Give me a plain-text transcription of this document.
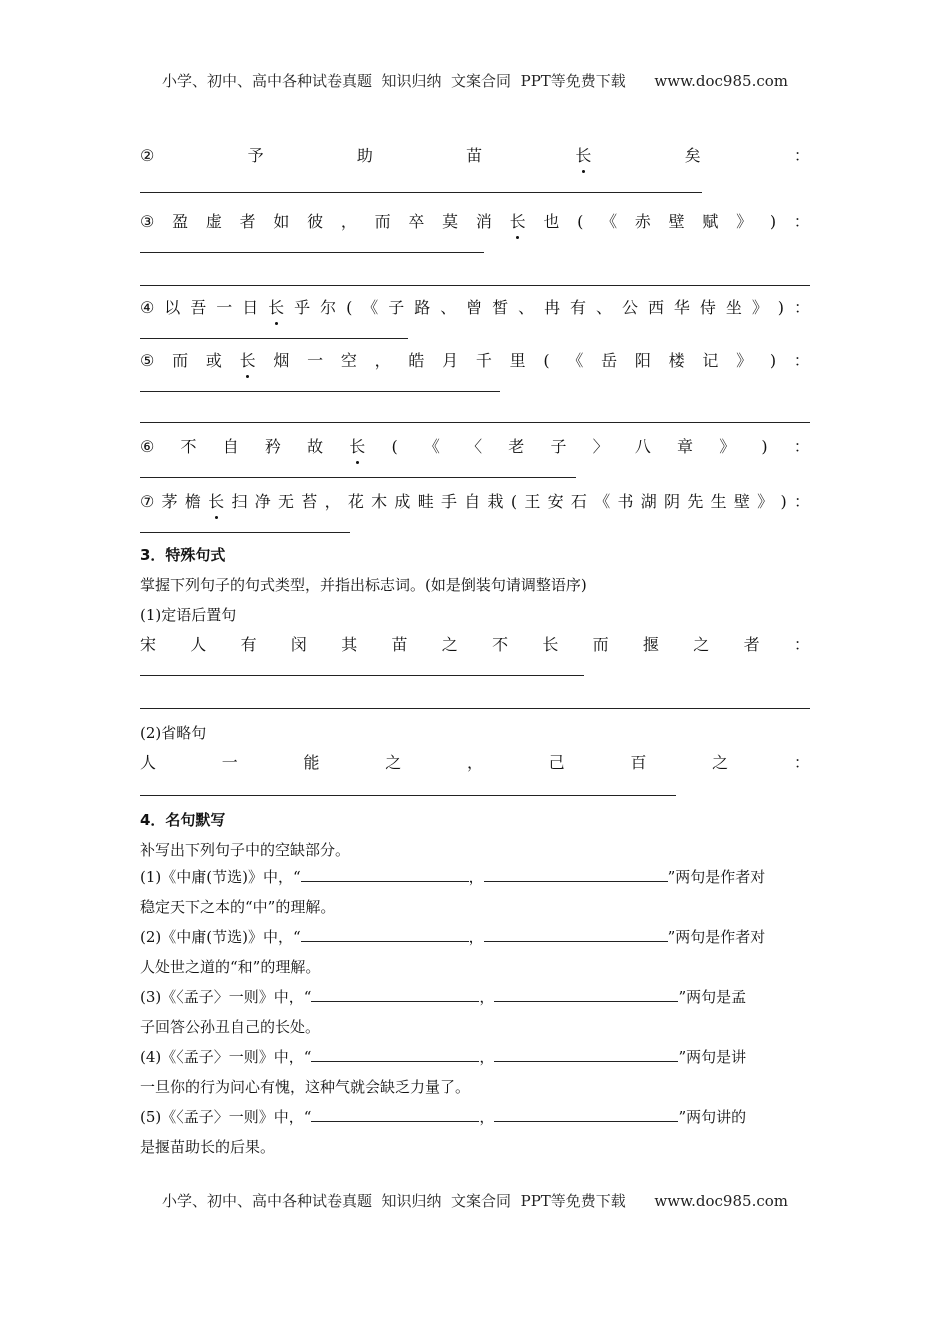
小学、初中、高中各种试卷真题  知识归纳  文案合同  PPT等免费下载      www.doc985.com
②	予	助	苗	长	矣	：
③ 盈 虚 者 如 彼 ， 而 卒 莫 消 长 也 ( 《 赤 壁 赋 》 ) ：
④ 以 吾 一 日 长 乎 尔 ( 《 子 路 、 曾 皙 、 冉 有 、 公 西 华 侍 坐 》 ) ：
⑤ 而 或 长 烟 一 空 ， 皓 月 千 里 ( 《 岳 阳 楼 记 》 ) ：
⑥ 不 自 矜 故 长 ( 《 〈 老 子 〉 八 章 》 ) ：
⑦ 茅 檐 长 扫 净 无 苔 ， 花 木 成 畦 手 自 栽 ( 王 安 石 《 书 湖 阴 先 生 壁 》 ) ：
3．特殊句式
掌握下列句子的句式类型，并指出标志词。(如是倒装句请调整语序)
(1)定语后置句
宋 人 有 闵 其 苗 之 不 长 而 揠 之 者 ：
(2)省略句
人	一	能	之	，	己	百	之	：
4．名句默写
补写出下列句子中的空缺部分。
(1)《中庸(节选)》中，“	，	”两句是作者对
稳定天下之本的“中”的理解。
(2)《中庸(节选)》中，“	，	”两句是作者对
人处世之道的“和”的理解。
(3)《〈孟子〉一则》中，“	，	”两句是孟
子回答公孙丑自己的长处。
(4)《〈孟子〉一则》中，“	，	”两句是讲
一旦你的行为问心有愧，这种气就会缺乏力量了。
(5)《〈孟子〉一则》中，“	，	”两句讲的
是揠苗助长的后果。
小学、初中、高中各种试卷真题  知识归纳  文案合同  PPT等免费下载      www.doc985.com
